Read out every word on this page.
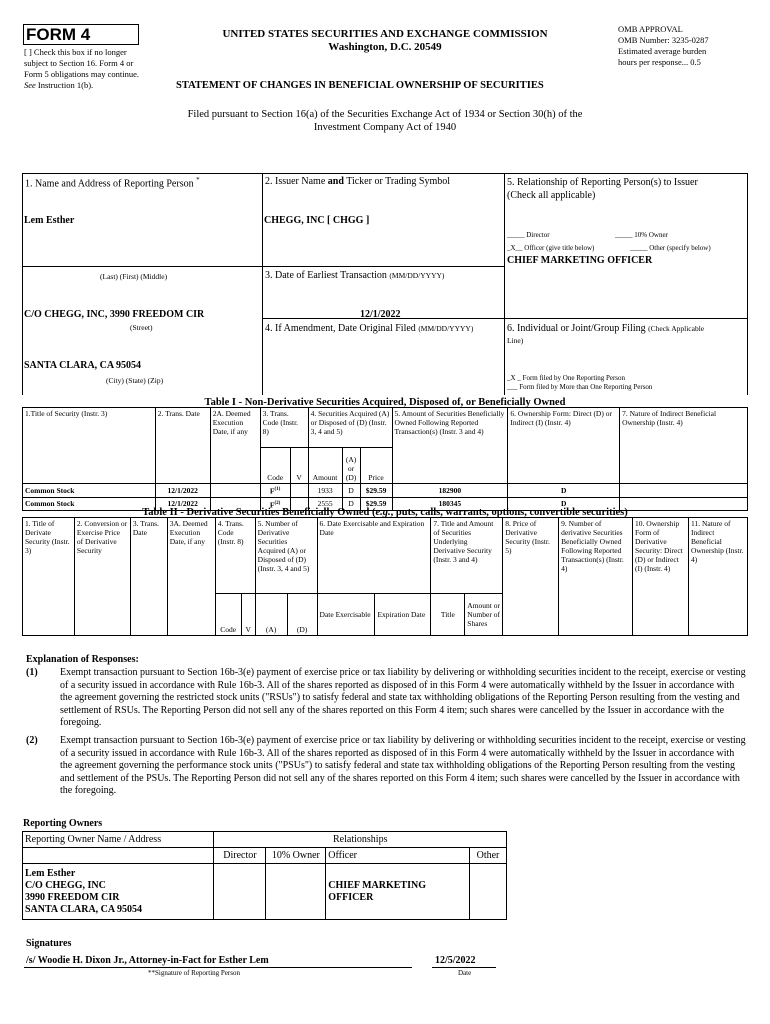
FORM 4
[ ] Check this box if no longer subject to Section 16. Form 4 or Form 5 obligations may continue. See Instruction 1(b).
UNITED STATES SECURITIES AND EXCHANGE COMMISSION
Washington, D.C. 20549
STATEMENT OF CHANGES IN BENEFICIAL OWNERSHIP OF SECURITIES
OMB APPROVAL
OMB Number: 3235-0287
Estimated average burden
hours per response... 0.5
Filed pursuant to Section 16(a) of the Securities Exchange Act of 1934 or Section 30(h) of the
Investment Company Act of 1940
1. Name and Address of Reporting Person *
Lem Esther
(Last) (First) (Middle)
C/O CHEGG, INC, 3990 FREEDOM CIR
(Street)
SANTA CLARA, CA 95054
(City) (State) (Zip)
2. Issuer Name and Ticker or Trading Symbol
CHEGG, INC [ CHGG ]
3. Date of Earliest Transaction (MM/DD/YYYY)
12/1/2022
4. If Amendment, Date Original Filed (MM/DD/YYYY)
5. Relationship of Reporting Person(s) to Issuer
(Check all applicable)
_____ Director	_____ 10% Owner
_X__ Officer (give title below)	_____ Other (specify below)
CHIEF MARKETING OFFICER
6. Individual or Joint/Group Filing (Check Applicable
Line)
_X _ Form filed by One Reporting Person
___ Form filed by More than One Reporting Person
Table I - Non-Derivative Securities Acquired, Disposed of, or Beneficially Owned
1.Title of Security (Instr. 3)	2. Trans. Date	2A. Deemed Execution Date, if any	3. Trans. Code (Instr. 8)		4. Securities Acquired (A) or Disposed of (D) (Instr. 3, 4 and 5)			5. Amount of Securities Beneficially Owned Following Reported Transaction(s) (Instr. 3 and 4)	6. Ownership Form: Direct (D) or Indirect (I) (Instr. 4)	7. Nature of Indirect Beneficial Ownership (Instr. 4)
			Code	V	Amount	(A) or (D)	Price			
Common Stock	12/1/2022		$F^{(1)}$		1933	D	$29.59	182900	D	
Common Stock	12/1/2022		$F^{(2)}$		2555	D	$29.59	180345	D	
Table II - Derivative Securities Beneficially Owned (e.g., puts, calls, warrants, options, convertible securities)
1. Title of Derivate Security (Instr. 3)	2. Conversion or Exercise Price of Derivative Security	3. Trans. Date	3A. Deemed Execution Date, if any	4. Trans. Code (Instr. 8)		5. Number of Derivative Securities Acquired (A) or Disposed of (D) (Instr. 3, 4 and 5)		6. Date Exercisable and Expiration Date		7. Title and Amount of Securities Underlying Derivative Security (Instr. 3 and 4)		8. Price of Derivative Security (Instr. 5)	9. Number of derivative Securities Beneficially Owned Following Reported Transaction(s) (Instr. 4)	10. Ownership Form of Derivative Security: Direct (D) or Indirect (I) (Instr. 4)	11. Nature of Indirect Beneficial Ownership (Instr. 4)
				Code	V	(A)	(D)	Date Exercisable	Expiration Date	Title	Amount or Number of Shares				
Explanation of Responses:
(1) Exempt transaction pursuant to Section 16b-3(e) payment of exercise price or tax liability by delivering or withholding securities incident to the receipt, exercise or vesting of a security issued in accordance with Rule 16b-3. All of the shares reported as disposed of in this Form 4 were automatically withheld by the Issuer in accordance with the agreement governing the restricted stock units ("RSUs") to satisfy federal and state tax withholding obligations of the Reporting Person resulting from the vesting and settlement of RSUs. The Reporting Person did not sell any of the shares reported on this Form 4 item; such shares were cancelled by the Issuer in accordance with the foregoing.
(2) Exempt transaction pursuant to Section 16b-3(e) payment of exercise price or tax liability by delivering or withholding securities incident to the receipt, exercise or vesting of a security issued in accordance with Rule 16b-3. All of the shares reported as disposed of in this Form 4 were automatically withheld by the Issuer in accordance with the agreement governing the performance stock units ("PSUs") to satisfy federal and state tax withholding obligations of the Reporting Person resulting from the vesting and settlement of the PSUs. The Reporting Person did not sell any of the shares reported on this Form 4 item; such shares were cancelled by the Issuer in accordance with the foregoing.
Reporting Owners
Reporting Owner Name / Address	Relationships			
	Director	10% Owner	Officer	Other

Lem Esther
C/O CHEGG, INC
3990 FREEDOM CIR
SANTA CLARA, CA 95054			CHIEF MARKETING OFFICER	
Signatures
/s/ Woodie H. Dixon Jr., Attorney-in-Fact for Esther Lem
**Signature of Reporting Person
12/5/2022
Date
